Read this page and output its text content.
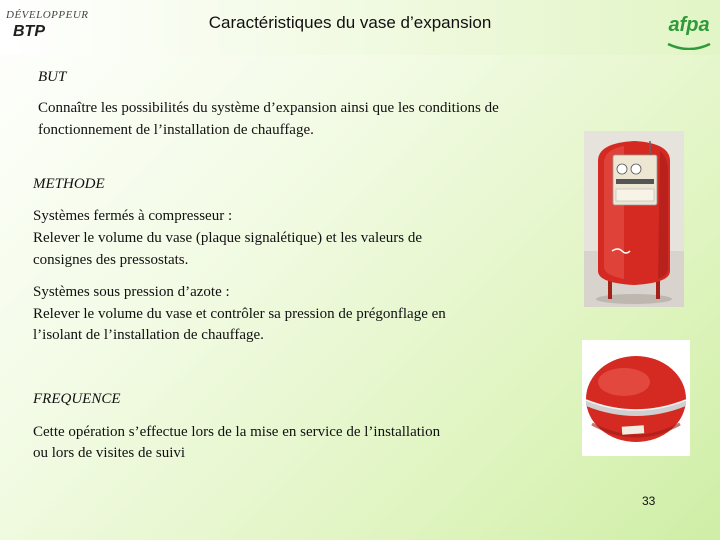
DÉVELOPPEUR
BTP	Caractéristiques du vase d’expansion	afpa
BUT
Connaître les possibilités du système d’expansion ainsi que les conditions de
fonctionnement de l’installation de chauffage.
METHODE
Systèmes fermés à compresseur :
Relever le volume du vase (plaque signalétique) et les valeurs de
consignes des pressostats.
Systèmes sous pression d’azote :
Relever le volume du vase et contrôler sa pression de prégonflage en
l’isolant de l’installation de chauffage.
FREQUENCE
Cette opération s’effectue lors de la mise en service de l’installation
ou lors de visites de suivi
33
